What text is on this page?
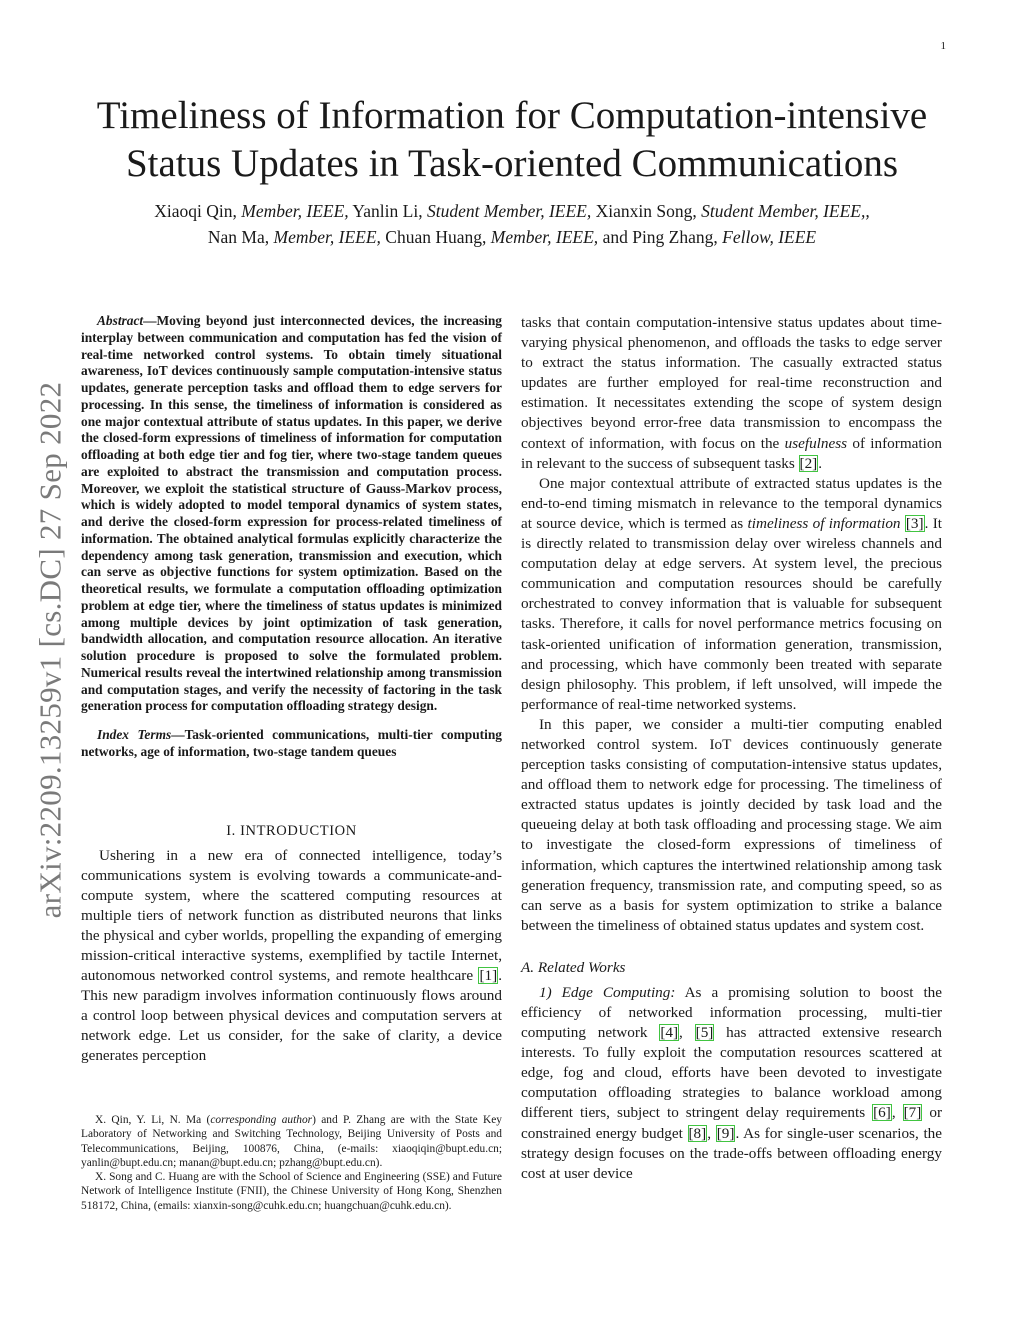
1
arXiv:2209.13259v1 [cs.DC] 27 Sep 2022
Timeliness of Information for Computation-intensive
Status Updates in Task-oriented Communications
Xiaoqi Qin, Member, IEEE, Yanlin Li, Student Member, IEEE, Xianxin Song, Student Member, IEEE,,
Nan Ma, Member, IEEE, Chuan Huang, Member, IEEE, and Ping Zhang, Fellow, IEEE

Abstract—Moving beyond just interconnected devices, the increasing interplay between communication and computation has fed the vision of real-time networked control systems. To obtain timely situational awareness, IoT devices continuously sample computation-intensive status updates, generate perception tasks and offload them to edge servers for processing. In this sense, the timeliness of information is considered as one major contextual attribute of status updates. In this paper, we derive the closed-form expressions of timeliness of information for computation offloading at both edge tier and fog tier, where two-stage tandem queues are exploited to abstract the transmission and computation process. Moreover, we exploit the statistical structure of Gauss-Markov process, which is widely adopted to model temporal dynamics of system states, and derive the closed-form expression for process-related timeliness of information. The obtained analytical formulas explicitly characterize the dependency among task generation, transmission and execution, which can serve as objective functions for system optimization. Based on the theoretical results, we formulate a computation offloading optimization problem at edge tier, where the timeliness of status updates is minimized among multiple devices by joint optimization of task generation, bandwidth allocation, and computation resource allocation. An iterative solution procedure is proposed to solve the formulated problem. Numerical results reveal the intertwined relationship among transmission and computation stages, and verify the necessity of factoring in the task generation process for computation offloading strategy design.

Index Terms—Task-oriented communications, multi-tier computing networks, age of information, two-stage tandem queues

I. INTRODUCTION

Ushering in a new era of connected intelligence, today’s communications system is evolving towards a communicate-and-compute system, where the scattered computing resources at multiple tiers of network function as distributed neurons that links the physical and cyber worlds, propelling the expanding of emerging mission-critical interactive systems, exemplified by tactile Internet, autonomous networked control systems, and remote healthcare [1]. This new paradigm involves information continuously flows around a control loop between physical devices and computation servers at network edge. Let us consider, for the sake of clarity, a device generates perception

X. Qin, Y. Li, N. Ma (corresponding author) and P. Zhang are with the State Key Laboratory of Networking and Switching Technology, Beijing University of Posts and Telecommunications, Beijing, 100876, China, (e-mails: xiaoqiqin@bupt.edu.cn; yanlin@bupt.edu.cn; manan@bupt.edu.cn; pzhang@bupt.edu.cn).

X. Song and C. Huang are with the School of Science and Engineering (SSE) and Future Network of Intelligence Institute (FNII), the Chinese University of Hong Kong, Shenzhen 518172, China, (emails: xianxin-song@cuhk.edu.cn; huangchuan@cuhk.edu.cn).

tasks that contain computation-intensive status updates about time-varying physical phenomenon, and offloads the tasks to edge server to extract the status information. The casually extracted status updates are further employed for real-time reconstruction and estimation. It necessitates extending the scope of system design objectives beyond error-free data transmission to encompass the context of information, with focus on the usefulness of information in relevant to the success of subsequent tasks [2].

One major contextual attribute of extracted status updates is the end-to-end timing mismatch in relevance to the temporal dynamics at source device, which is termed as timeliness of information [3]. It is directly related to transmission delay over wireless channels and computation delay at edge servers. At system level, the precious communication and computation resources should be carefully orchestrated to convey information that is valuable for subsequent tasks. Therefore, it calls for novel performance metrics focusing on task-oriented unification of information generation, transmission, and processing, which have commonly been treated with separate design philosophy. This problem, if left unsolved, will impede the performance of real-time networked systems.

In this paper, we consider a multi-tier computing enabled networked control system. IoT devices continuously generate perception tasks consisting of computation-intensive status updates, and offload them to network edge for processing. The timeliness of extracted status updates is jointly decided by task load and the queueing delay at both task offloading and processing stage. We aim to investigate the closed-form expressions of timeliness of information, which captures the intertwined relationship among task generation frequency, transmission rate, and computing speed, so as can serve as a basis for system optimization to strike a balance between the timeliness of obtained status updates and system cost.

A. Related Works

1) Edge Computing: As a promising solution to boost the efficiency of networked information processing, multi-tier computing network [4], [5] has attracted extensive research interests. To fully exploit the computation resources scattered at edge, fog and cloud, efforts have been devoted to investigate computation offloading strategies to balance workload among different tiers, subject to stringent delay requirements [6], [7] or constrained energy budget [8], [9]. As for single-user scenarios, the strategy design focuses on the trade-offs between offloading energy cost at user device
